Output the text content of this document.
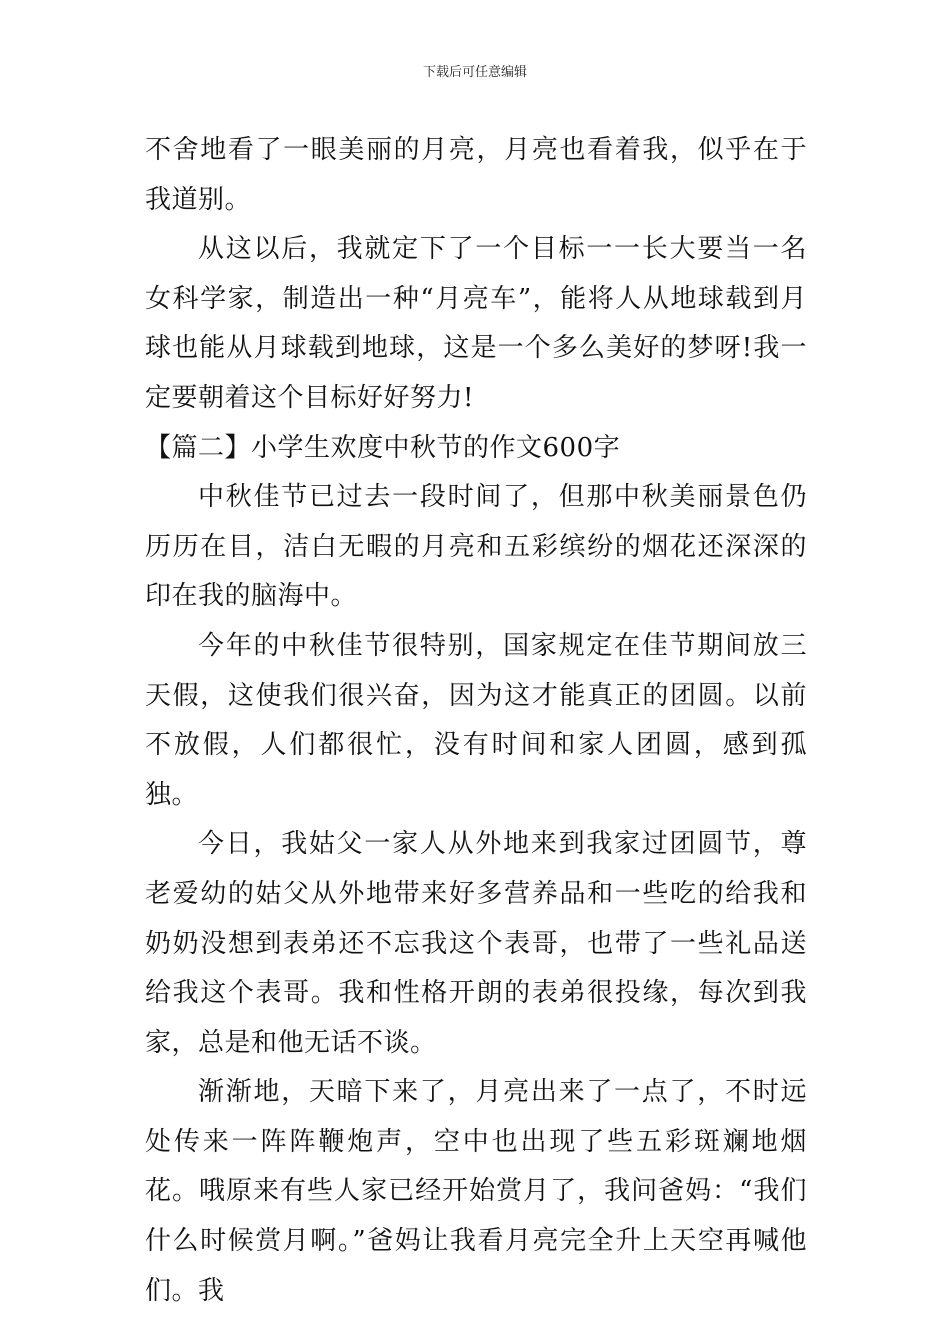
下载后可任意编辑

不舍地看了一眼美丽的月亮，月亮也看着我，似乎在于我道别。

从这以后，我就定下了一个目标一一长大要当一名女科学家，制造出一种“月亮车”，能将人从地球载到月球也能从月球载到地球，这是一个多么美好的梦呀!我一定要朝着这个目标好好努力!

【篇二】小学生欢度中秋节的作文600字

中秋佳节已过去一段时间了，但那中秋美丽景色仍历历在目，洁白无暇的月亮和五彩缤纷的烟花还深深的印在我的脑海中。

今年的中秋佳节很特别，国家规定在佳节期间放三天假，这使我们很兴奋，因为这才能真正的团圆。以前不放假，人们都很忙，没有时间和家人团圆，感到孤独。

今日，我姑父一家人从外地来到我家过团圆节，尊老爱幼的姑父从外地带来好多营养品和一些吃的给我和奶奶没想到表弟还不忘我这个表哥，也带了一些礼品送给我这个表哥。我和性格开朗的表弟很投缘，每次到我家，总是和他无话不谈。

渐渐地，天暗下来了，月亮出来了一点了，不时远处传来一阵阵鞭炮声，空中也出现了些五彩斑斓地烟花。哦原来有些人家已经开始赏月了，我问爸妈：“我们什么时候赏月啊。”爸妈让我看月亮完全升上天空再喊他们。我
